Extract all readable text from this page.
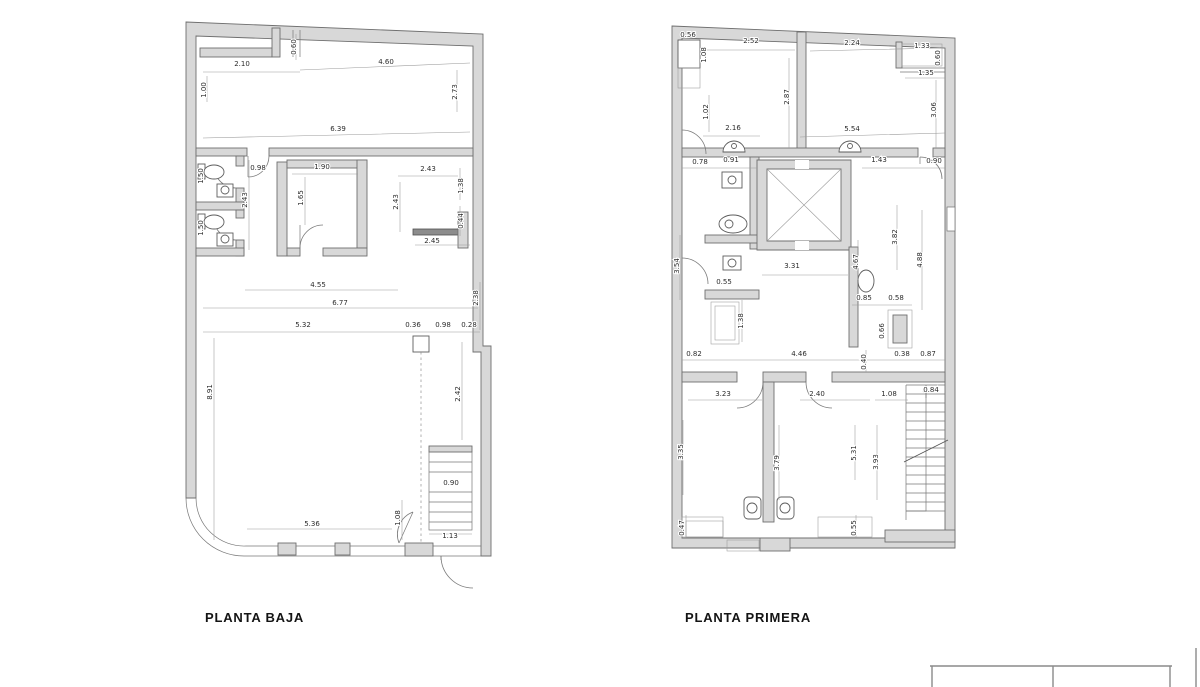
2.10
0.60
4.60
1.00	2.73
6.39
0.98	1.90	2.43
1.38
1.50
1.65
2.43	2.43
1.50	0.44
2.45
4.55
6.77	2.38
5.32	0.36 0.98 0.28
8.91	2.42
0.90
1.08
5.36
1.13
PLANTA BAJA
0.56
1.08
2.52	2.24	1.33
0.60
1.35
1.02
2.87
3.06
2.16	5.54
0.78 0.91	1.43	0.90
3.54
0.55
1.38
3.31	4.67
3.82
4.88
0.85 0.58
0.66
0.82	4.46
0.40
0.38 0.87
3.23	2.40	1.08	0.84
3.35
3.79
5.31
3.93
0.47	0.55
PLANTA PRIMERA
